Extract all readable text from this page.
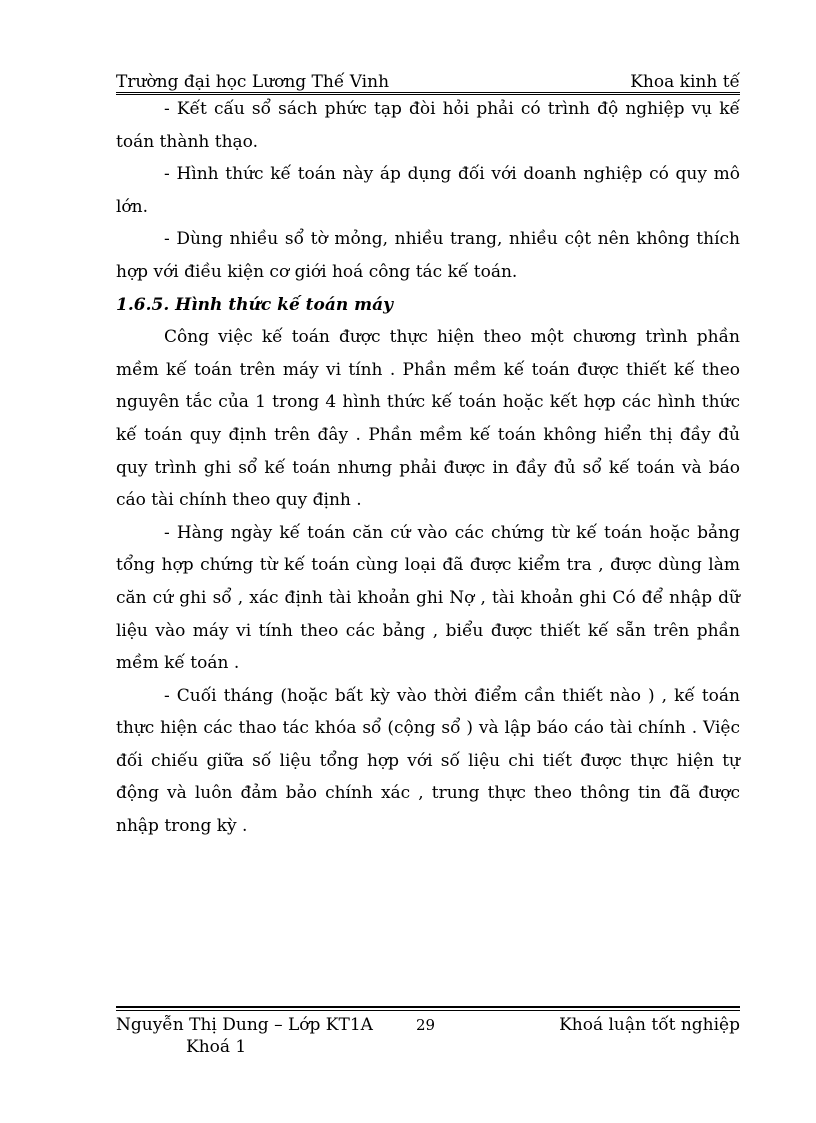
Trường đại học Lương Thế Vinh	Khoa kinh tế

- Kết cấu sổ sách phức tạp đòi hỏi phải có trình độ nghiệp vụ kế toán thành thạo.

- Hình thức kế toán này áp dụng đối với doanh nghiệp có quy mô lớn.

- Dùng nhiều sổ tờ mỏng, nhiều trang, nhiều cột nên không thích hợp với điều kiện cơ giới hoá công tác kế toán.

1.6.5. Hình thức kế toán máy

Công việc kế toán được thực hiện theo một chương trình phần mềm kế toán trên máy vi tính . Phần mềm kế toán được thiết kế theo nguyên tắc của 1 trong 4 hình thức kế toán hoặc kết hợp các hình thức kế toán quy định trên đây . Phần mềm kế toán không hiển thị đầy đủ quy trình ghi sổ kế toán nhưng phải được in đầy đủ sổ kế toán và báo cáo tài chính theo quy định .

- Hàng ngày kế toán căn cứ vào các chứng từ kế toán hoặc bảng tổng hợp chứng từ kế toán cùng loại đã được kiểm tra , được dùng làm căn cứ ghi sổ , xác định tài khoản ghi Nợ , tài khoản ghi Có để nhập dữ liệu vào máy vi tính theo các bảng , biểu được thiết kế sẵn trên phần mềm kế toán .

- Cuối tháng (hoặc bất kỳ vào thời điểm cần thiết nào ) , kế toán thực hiện các thao tác khóa sổ (cộng sổ ) và lập báo cáo tài chính . Việc đối chiếu giữa số liệu tổng hợp với số liệu chi tiết được thực hiện tự động và luôn đảm bảo chính xác , trung thực theo thông tin đã được nhập trong kỳ .

Nguyễn Thị Dung – Lớp KT1A	29	Khoá luận tốt nghiệp
Khoá 1
